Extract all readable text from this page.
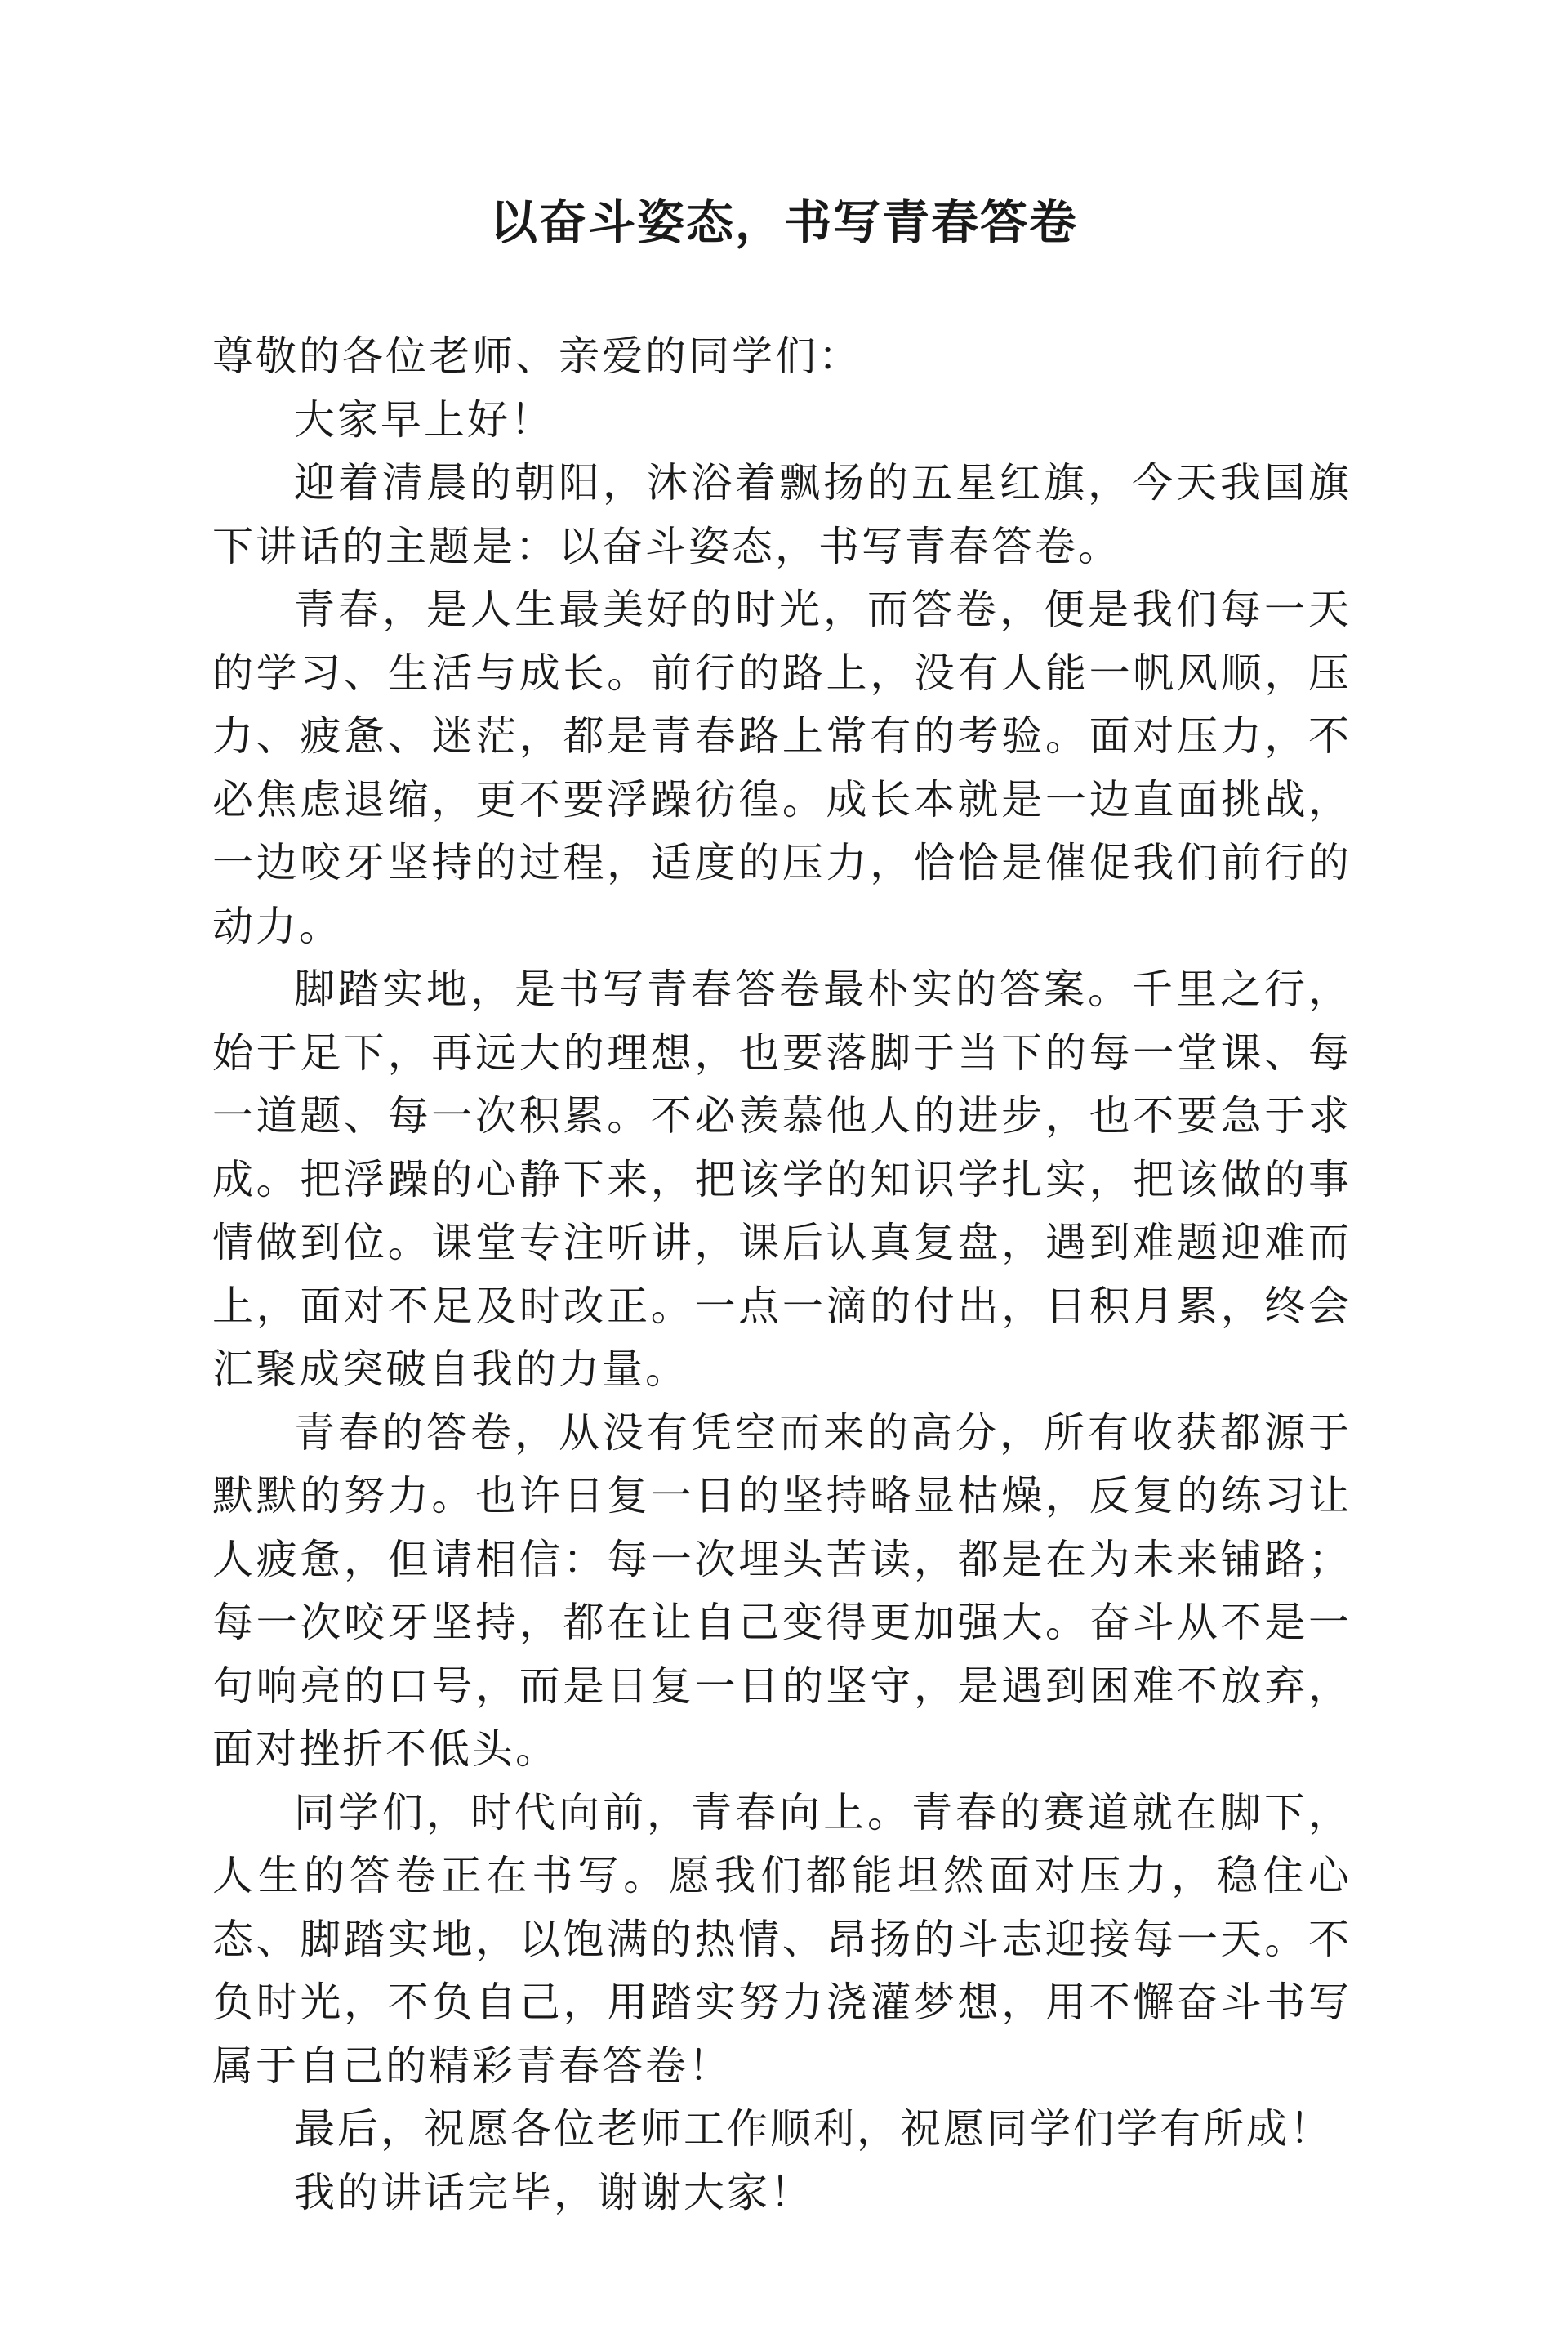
以奋斗姿态，书写青春答卷

尊敬的各位老师、亲爱的同学们：

大家早上好！

迎着清晨的朝阳，沐浴着飘扬的五星红旗，今天我国旗下讲话的主题是：以奋斗姿态，书写青春答卷。

青春，是人生最美好的时光，而答卷，便是我们每一天的学习、生活与成长。前行的路上，没有人能一帆风顺，压力、疲惫、迷茫，都是青春路上常有的考验。面对压力，不必焦虑退缩，更不要浮躁彷徨。成长本就是一边直面挑战，一边咬牙坚持的过程，适度的压力，恰恰是催促我们前行的动力。

脚踏实地，是书写青春答卷最朴实的答案。千里之行，始于足下，再远大的理想，也要落脚于当下的每一堂课、每一道题、每一次积累。不必羡慕他人的进步，也不要急于求成。把浮躁的心静下来，把该学的知识学扎实，把该做的事情做到位。课堂专注听讲，课后认真复盘，遇到难题迎难而上，面对不足及时改正。一点一滴的付出，日积月累，终会汇聚成突破自我的力量。

青春的答卷，从没有凭空而来的高分，所有收获都源于默默的努力。也许日复一日的坚持略显枯燥，反复的练习让人疲惫，但请相信：每一次埋头苦读，都是在为未来铺路；每一次咬牙坚持，都在让自己变得更加强大。奋斗从不是一句响亮的口号，而是日复一日的坚守，是遇到困难不放弃，面对挫折不低头。

同学们，时代向前，青春向上。青春的赛道就在脚下，人生的答卷正在书写。愿我们都能坦然面对压力，稳住心态、脚踏实地，以饱满的热情、昂扬的斗志迎接每一天。不负时光，不负自己，用踏实努力浇灌梦想，用不懈奋斗书写属于自己的精彩青春答卷！

最后，祝愿各位老师工作顺利，祝愿同学们学有所成！

我的讲话完毕，谢谢大家！
